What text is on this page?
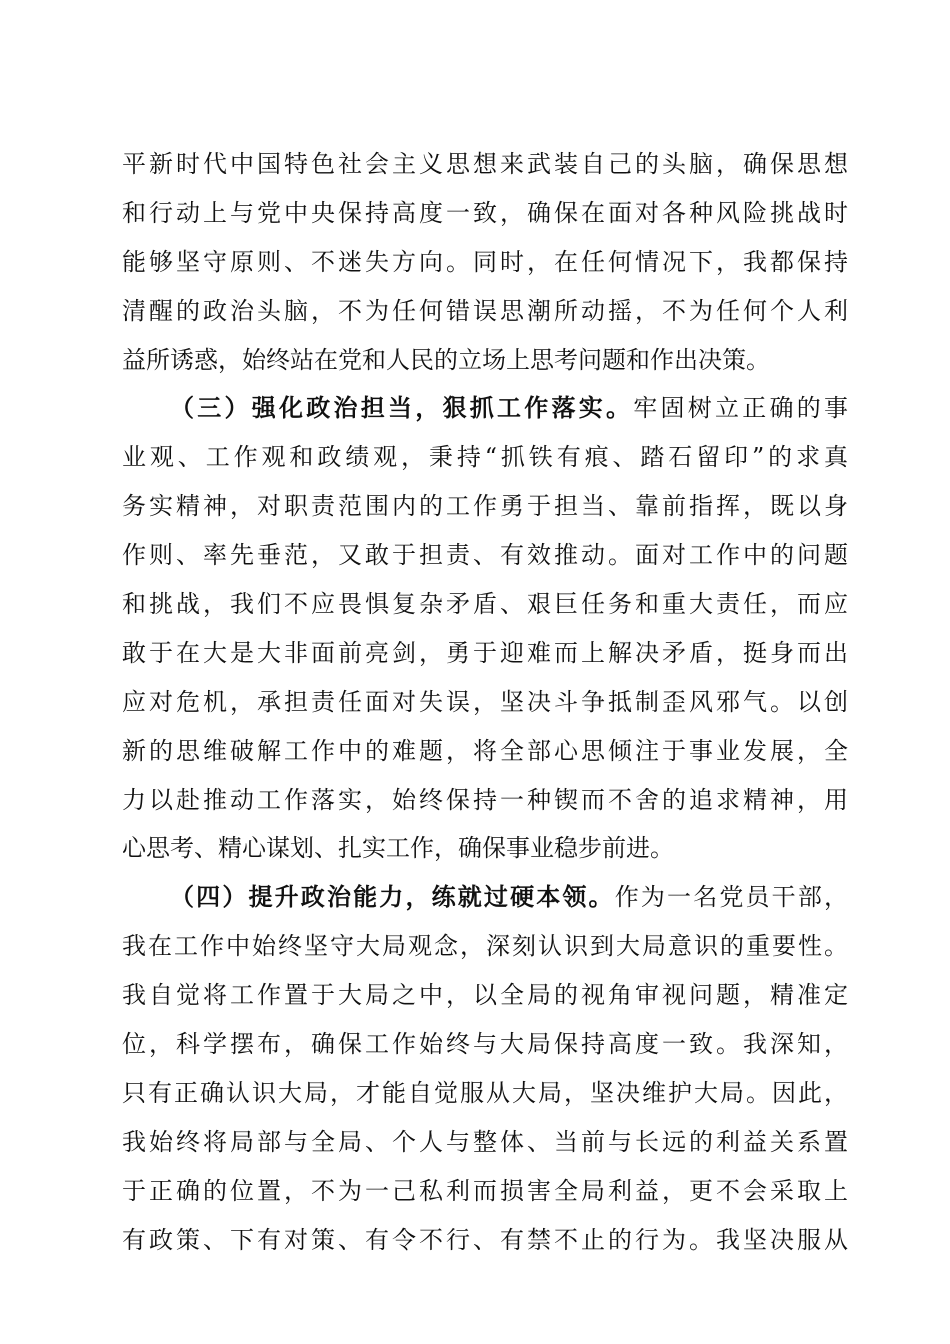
平新时代中国特色社会主义思想来武装自己的头脑，确保思想
和行动上与党中央保持高度一致，确保在面对各种风险挑战时
能够坚守原则、不迷失方向。同时，在任何情况下，我都保持
清醒的政治头脑，不为任何错误思潮所动摇，不为任何个人利
益所诱惑，始终站在党和人民的立场上思考问题和作出决策。
（三）强化政治担当，狠抓工作落实。牢固树立正确的事
业观、工作观和政绩观，秉持“抓铁有痕、踏石留印”的求真
务实精神，对职责范围内的工作勇于担当、靠前指挥，既以身
作则、率先垂范，又敢于担责、有效推动。面对工作中的问题
和挑战，我们不应畏惧复杂矛盾、艰巨任务和重大责任，而应
敢于在大是大非面前亮剑，勇于迎难而上解决矛盾，挺身而出
应对危机，承担责任面对失误，坚决斗争抵制歪风邪气。以创
新的思维破解工作中的难题，将全部心思倾注于事业发展，全
力以赴推动工作落实，始终保持一种锲而不舍的追求精神，用
心思考、精心谋划、扎实工作，确保事业稳步前进。
（四）提升政治能力，练就过硬本领。作为一名党员干部，
我在工作中始终坚守大局观念，深刻认识到大局意识的重要性。
我自觉将工作置于大局之中，以全局的视角审视问题，精准定
位，科学摆布，确保工作始终与大局保持高度一致。我深知，
只有正确认识大局，才能自觉服从大局，坚决维护大局。因此，
我始终将局部与全局、个人与整体、当前与长远的利益关系置
于正确的位置，不为一己私利而损害全局利益，更不会采取上
有政策、下有对策、有令不行、有禁不止的行为。我坚决服从
